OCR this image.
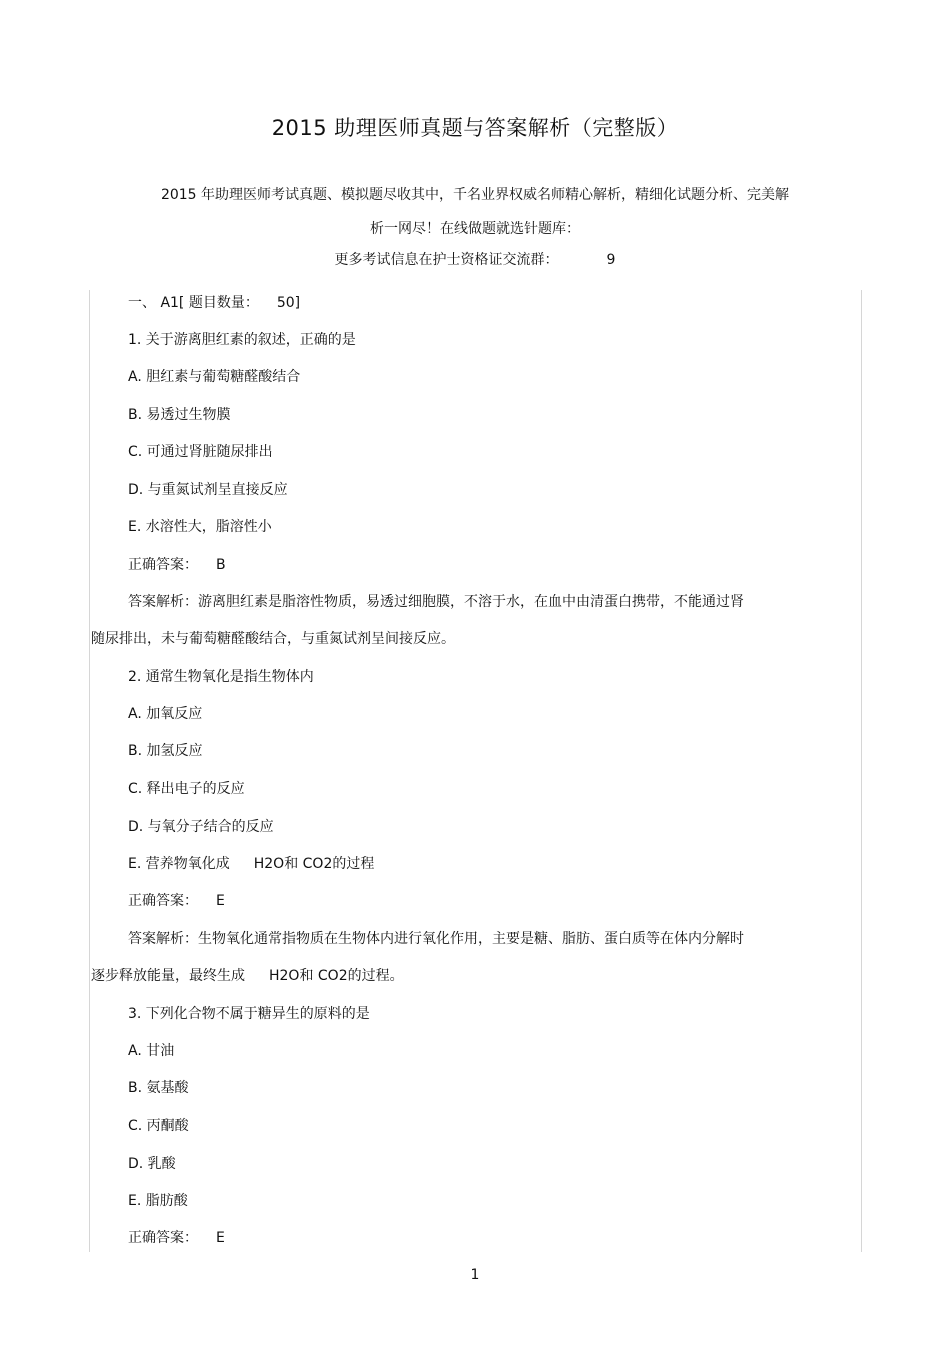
2015 助理医师真题与答案解析（完整版）
2015 年助理医师考试真题、模拟题尽收其中，千名业界权威名师精心解析，精细化试题分析、完美解
析一网尽！在线做题就选针题库：
更多考试信息在护士资格证交流群：	9
一、 A1[ 题目数量： 50]
1. 关于游离胆红素的叙述，正确的是
A. 胆红素与葡萄糖醛酸结合
B. 易透过生物膜
C. 可通过肾脏随尿排出
D. 与重氮试剂呈直接反应
E. 水溶性大，脂溶性小
正确答案： B
答案解析：游离胆红素是脂溶性物质，易透过细胞膜，不溶于水，在血中由清蛋白携带，不能通过肾
随尿排出，未与葡萄糖醛酸结合，与重氮试剂呈间接反应。
2. 通常生物氧化是指生物体内
A. 加氧反应
B. 加氢反应
C. 释出电子的反应
D. 与氧分子结合的反应
E. 营养物氧化成 H2O和 CO2的过程
正确答案： E
答案解析：生物氧化通常指物质在生物体内进行氧化作用，主要是糖、脂肪、蛋白质等在体内分解时
逐步释放能量，最终生成 H2O和 CO2的过程。
3. 下列化合物不属于糖异生的原料的是
A. 甘油
B. 氨基酸
C. 丙酮酸
D. 乳酸
E. 脂肪酸
正确答案： E
1
